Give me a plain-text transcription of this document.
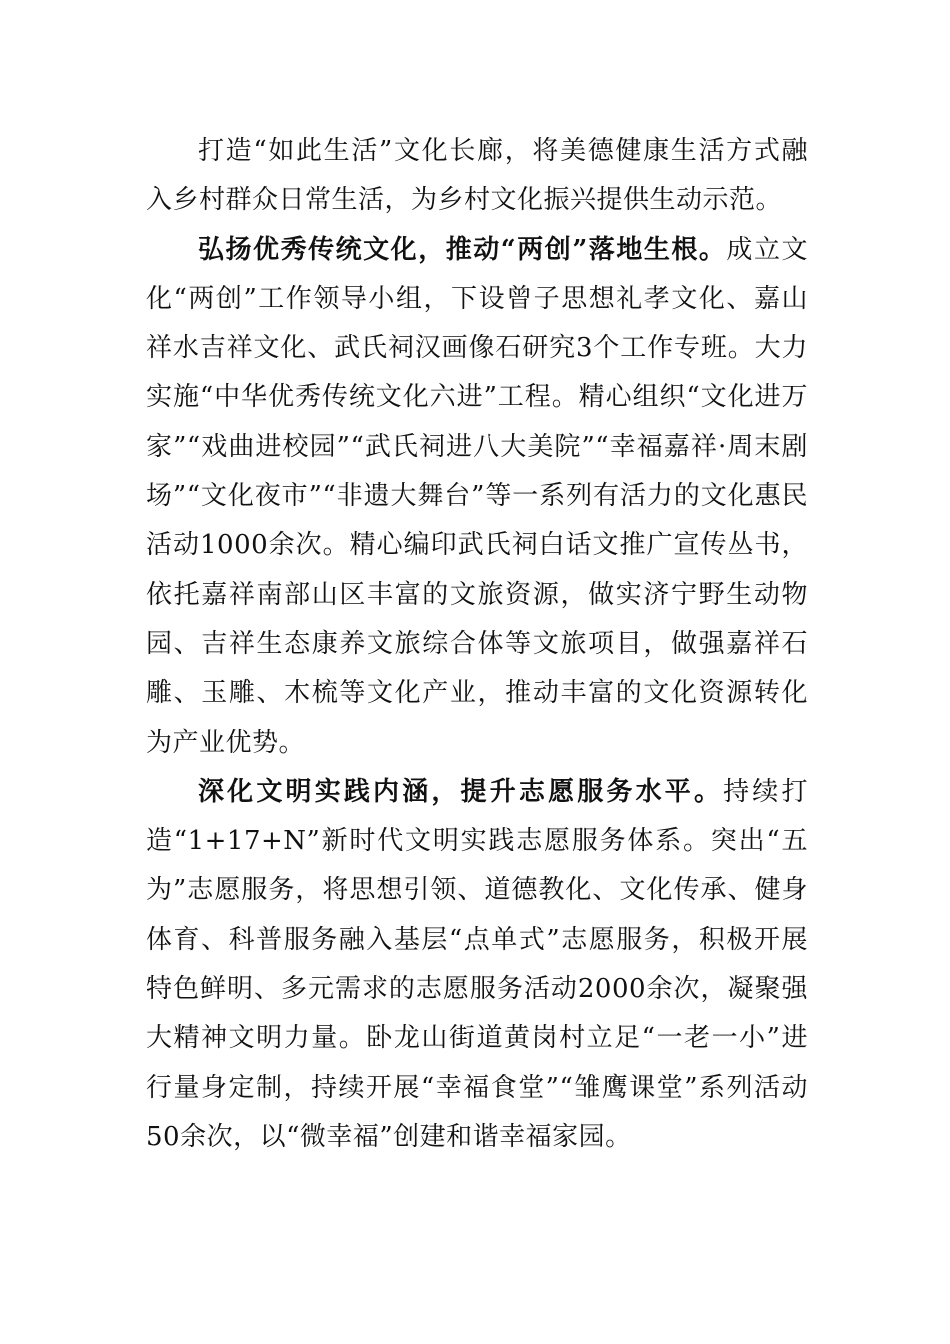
打造“如此生活”文化长廊，将美德健康生活方式融入乡村群众日常生活，为乡村文化振兴提供生动示范。

弘扬优秀传统文化，推动“两创”落地生根。成立文化“两创”工作领导小组，下设曾子思想礼孝文化、嘉山祥水吉祥文化、武氏祠汉画像石研究3个工作专班。大力实施“中华优秀传统文化六进”工程。精心组织“文化进万家”“戏曲进校园”“武氏祠进八大美院”“幸福嘉祥·周末剧场”“文化夜市”“非遗大舞台”等一系列有活力的文化惠民活动1000余次。精心编印武氏祠白话文推广宣传丛书，依托嘉祥南部山区丰富的文旅资源，做实济宁野生动物园、吉祥生态康养文旅综合体等文旅项目，做强嘉祥石雕、玉雕、木梳等文化产业，推动丰富的文化资源转化为产业优势。

深化文明实践内涵，提升志愿服务水平。持续打造“1+17+N”新时代文明实践志愿服务体系。突出“五为”志愿服务，将思想引领、道德教化、文化传承、健身体育、科普服务融入基层“点单式”志愿服务，积极开展特色鲜明、多元需求的志愿服务活动2000余次，凝聚强大精神文明力量。卧龙山街道黄岗村立足“一老一小”进行量身定制，持续开展“幸福食堂”“雏鹰课堂”系列活动50余次，以“微幸福”创建和谐幸福家园。
